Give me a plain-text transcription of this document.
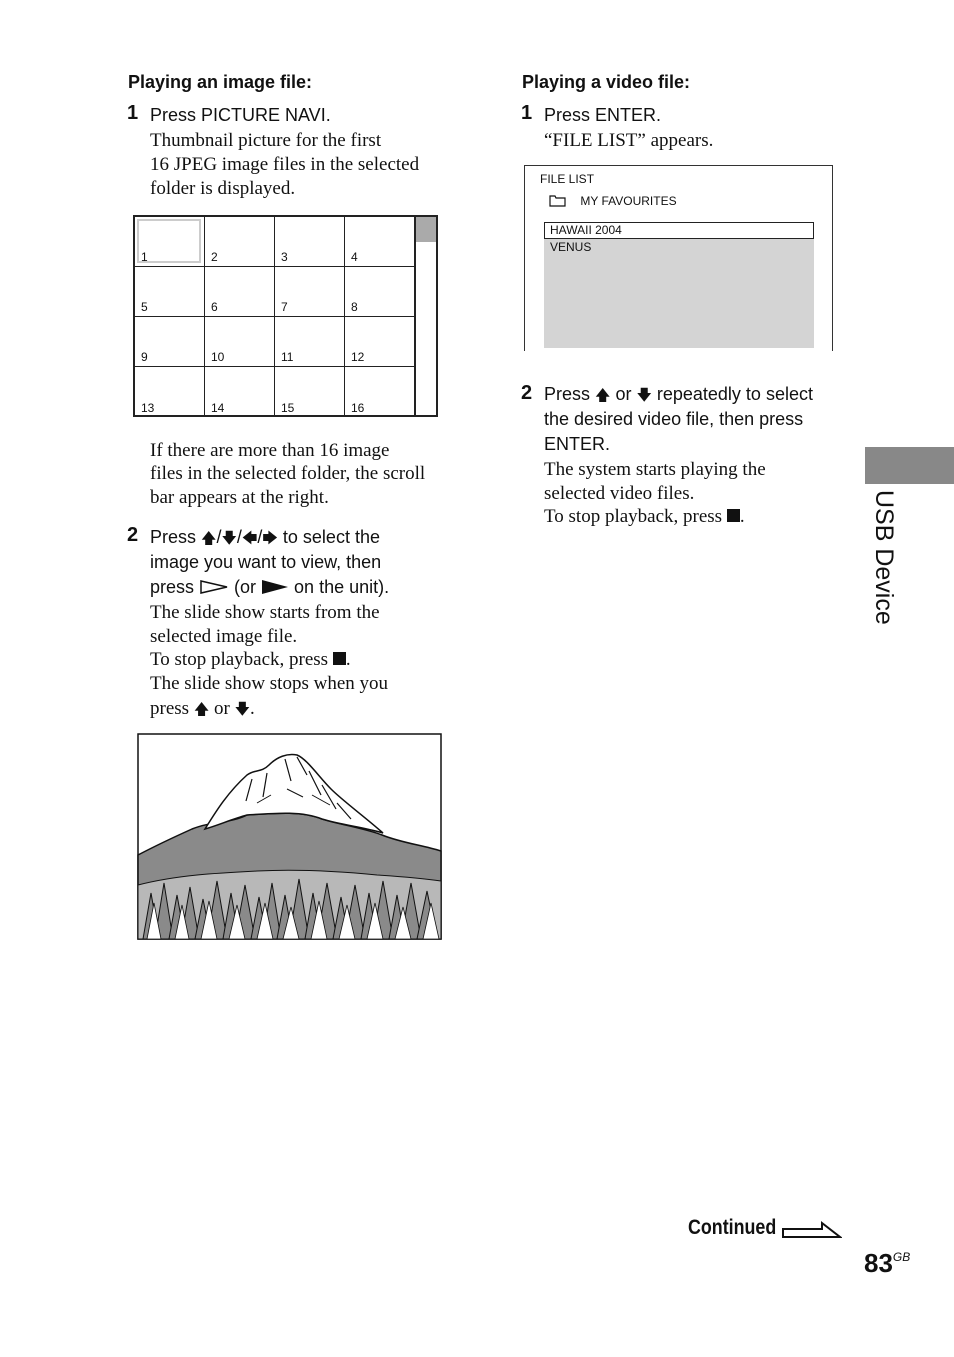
Playing an image file:
1 Press PICTURE NAVI.
Thumbnail picture for the first
16 JPEG image files in the selected
folder is displayed.
1	2	3	4
5	6	7	8
9	10	11	12
13	14	15	16
If there are more than 16 image
files in the selected folder, the scroll
bar appears at the right.
2 Press 🡅/🡇/🡄/🡆 to select the
image you want to view, then
press  (or  on the unit).
The slide show starts from the
selected image file.
To stop playback, press .
The slide show stops when you
press 🡅 or 🡇.
Playing a video file:
1 Press ENTER.
“FILE LIST” appears.
FILE LIST
MY FAVOURITES
HAWAII 2004
VENUS
2 Press 🡅 or 🡇 repeatedly to select
the desired video file, then press
ENTER.
The system starts playing the
selected video files.
To stop playback, press .	USB Device
Continued
$83^{GB}$
